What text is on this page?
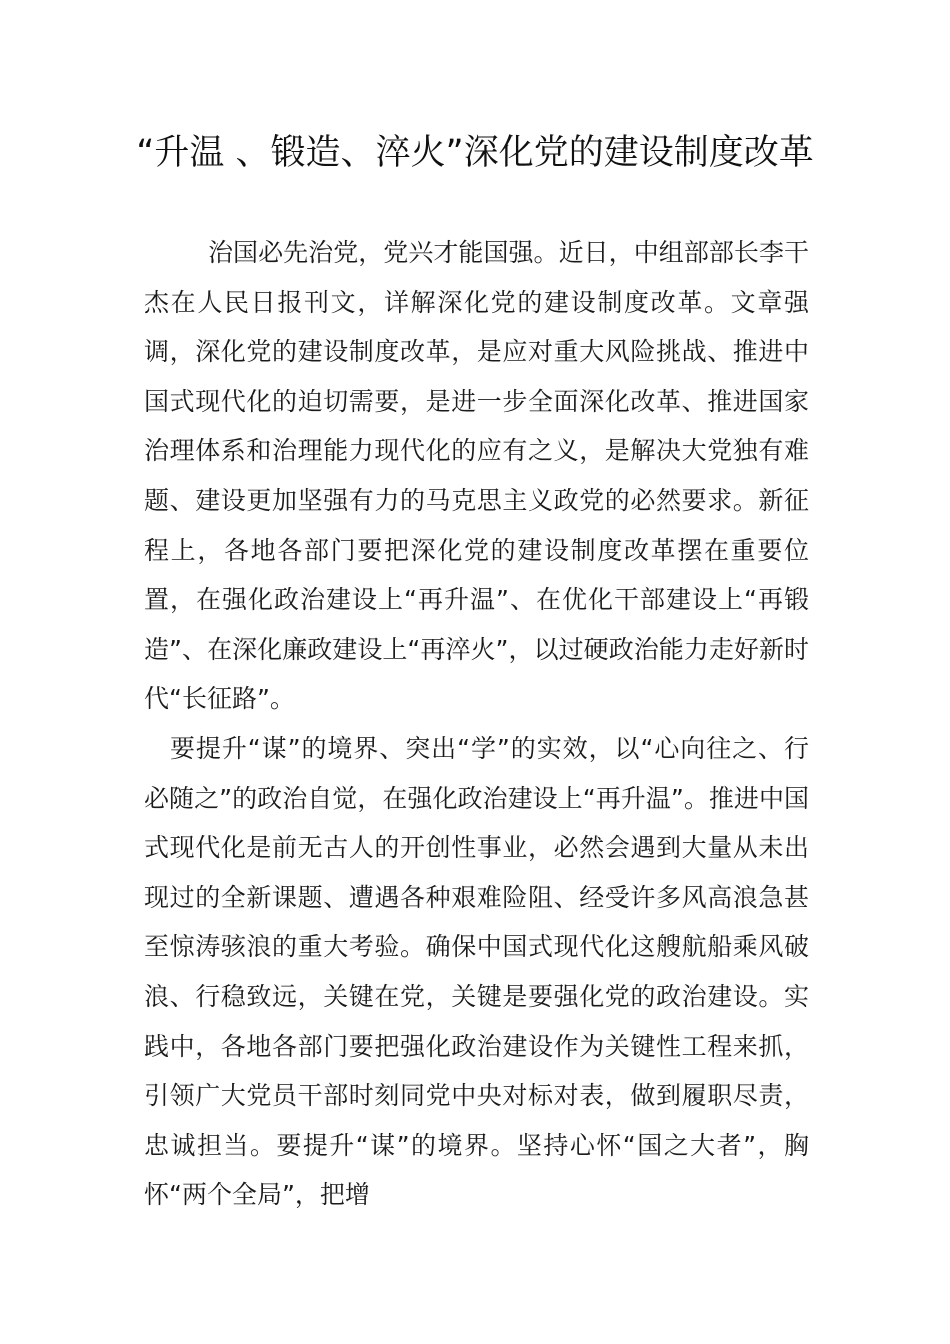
“升温 、锻造、淬火”深化党的建设制度改革

治国必先治党，党兴才能国强。近日，中组部部长李干杰在人民日报刊文，详解深化党的建设制度改革。文章强调，深化党的建设制度改革，是应对重大风险挑战、推进中国式现代化的迫切需要，是进一步全面深化改革、推进国家治理体系和治理能力现代化的应有之义，是解决大党独有难题、建设更加坚强有力的马克思主义政党的必然要求。新征程上，各地各部门要把深化党的建设制度改革摆在重要位置，在强化政治建设上“再升温”、在优化干部建设上“再锻造”、在深化廉政建设上“再淬火”，以过硬政治能力走好新时代“长征路”。

要提升“谋”的境界、突出“学”的实效，以“心向往之、行必随之”的政治自觉，在强化政治建设上“再升温”。推进中国式现代化是前无古人的开创性事业，必然会遇到大量从未出现过的全新课题、遭遇各种艰难险阻、经受许多风高浪急甚至惊涛骇浪的重大考验。确保中国式现代化这艘航船乘风破浪、行稳致远，关键在党，关键是要强化党的政治建设。实践中，各地各部门要把强化政治建设作为关键性工程来抓，引领广大党员干部时刻同党中央对标对表，做到履职尽责，忠诚担当。要提升“谋”的境界。坚持心怀“国之大者”，胸怀“两个全局”，把增
